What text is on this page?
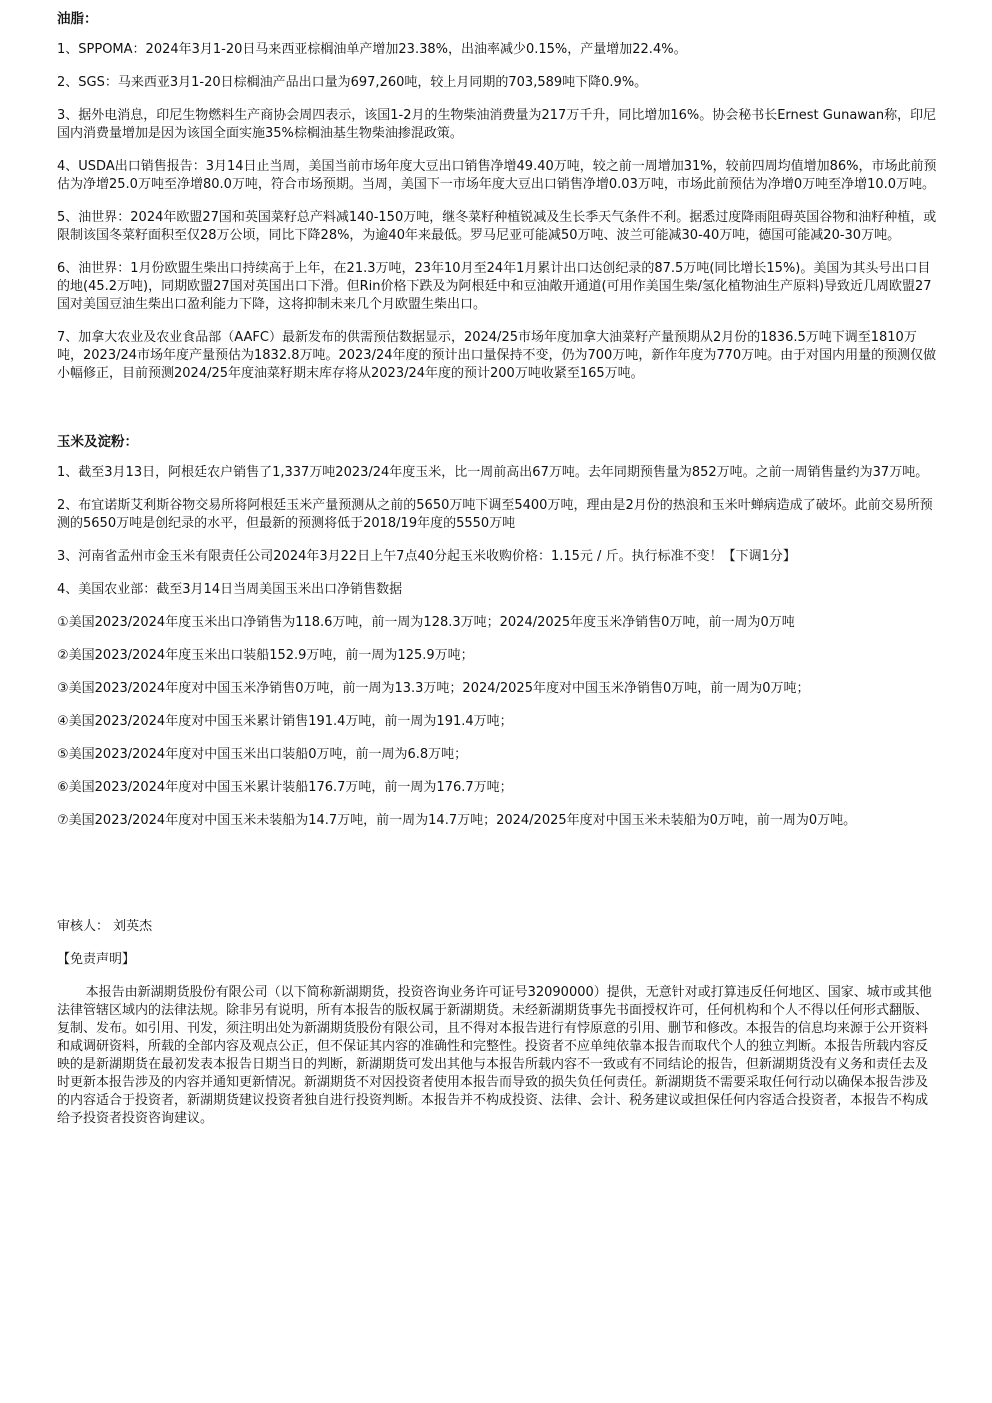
油脂：

1、SPPOMA：2024年3月1-20日马来西亚棕榈油单产增加23.38%，出油率减少0.15%，产量增加22.4%。

2、SGS：马来西亚3月1-20日棕榈油产品出口量为697,260吨，较上月同期的703,589吨下降0.9%。

3、据外电消息，印尼生物燃料生产商协会周四表示，该国1-2月的生物柴油消费量为217万千升，同比增加16%。协会秘书长Ernest Gunawan称，印尼国内消费量增加是因为该国全面实施35%棕榈油基生物柴油掺混政策。

4、USDA出口销售报告：3月14日止当周，美国当前市场年度大豆出口销售净增49.40万吨，较之前一周增加31%，较前四周均值增加86%，市场此前预估为净增25.0万吨至净增80.0万吨，符合市场预期。当周，美国下一市场年度大豆出口销售净增0.03万吨，市场此前预估为净增0万吨至净增10.0万吨。

5、油世界：2024年欧盟27国和英国菜籽总产料减140-150万吨，继冬菜籽种植锐减及生长季天气条件不利。据悉过度降雨阻碍英国谷物和油籽种植，或限制该国冬菜籽面积至仅28万公顷，同比下降28%，为逾40年来最低。罗马尼亚可能减50万吨、波兰可能减30-40万吨，德国可能减20-30万吨。

6、油世界：1月份欧盟生柴出口持续高于上年，在21.3万吨，23年10月至24年1月累计出口达创纪录的87.5万吨(同比增长15%)。美国为其头号出口目的地(45.2万吨)，同期欧盟27国对英国出口下滑。但Rin价格下跌及为阿根廷中和豆油敞开通道(可用作美国生柴/氢化植物油生产原料)导致近几周欧盟27国对美国豆油生柴出口盈利能力下降，这将抑制未来几个月欧盟生柴出口。

7、加拿大农业及农业食品部（AAFC）最新发布的供需预估数据显示，2024/25市场年度加拿大油菜籽产量预期从2月份的1836.5万吨下调至1810万吨，2023/24市场年度产量预估为1832.8万吨。2023/24年度的预计出口量保持不变，仍为700万吨，新作年度为770万吨。由于对国内用量的预测仅做小幅修正，目前预测2024/25年度油菜籽期末库存将从2023/24年度的预计200万吨收紧至165万吨。

玉米及淀粉：

1、截至3月13日，阿根廷农户销售了1,337万吨2023/24年度玉米，比一周前高出67万吨。去年同期预售量为852万吨。之前一周销售量约为37万吨。

2、布宜诺斯艾利斯谷物交易所将阿根廷玉米产量预测从之前的5650万吨下调至5400万吨，理由是2月份的热浪和玉米叶蝉病造成了破坏。此前交易所预测的5650万吨是创纪录的水平，但最新的预测将低于2018/19年度的5550万吨

3、河南省孟州市金玉米有限责任公司2024年3月22日上午7点40分起玉米收购价格：1.15元 / 斤。执行标准不变！【下调1分】

4、美国农业部：截至3月14日当周美国玉米出口净销售数据

①美国2023/2024年度玉米出口净销售为118.6万吨，前一周为128.3万吨；2024/2025年度玉米净销售0万吨，前一周为0万吨

②美国2023/2024年度玉米出口装船152.9万吨，前一周为125.9万吨；

③美国2023/2024年度对中国玉米净销售0万吨，前一周为13.3万吨；2024/2025年度对中国玉米净销售0万吨，前一周为0万吨；

④美国2023/2024年度对中国玉米累计销售191.4万吨，前一周为191.4万吨；

⑤美国2023/2024年度对中国玉米出口装船0万吨，前一周为6.8万吨；

⑥美国2023/2024年度对中国玉米累计装船176.7万吨，前一周为176.7万吨；

⑦美国2023/2024年度对中国玉米未装船为14.7万吨，前一周为14.7万吨；2024/2025年度对中国玉米未装船为0万吨，前一周为0万吨。

审核人： 刘英杰

【免责声明】

本报告由新湖期货股份有限公司（以下简称新湖期货，投资咨询业务许可证号32090000）提供，无意针对或打算违反任何地区、国家、城市或其他法律管辖区域内的法律法规。除非另有说明，所有本报告的版权属于新湖期货。未经新湖期货事先书面授权许可，任何机构和个人不得以任何形式翻版、复制、发布。如引用、刊发，须注明出处为新湖期货股份有限公司，且不得对本报告进行有悖原意的引用、删节和修改。本报告的信息均来源于公开资料和咸调研资料，所载的全部内容及观点公正，但不保证其内容的准确性和完整性。投资者不应单纯依靠本报告而取代个人的独立判断。本报告所载内容反映的是新湖期货在最初发表本报告日期当日的判断，新湖期货可发出其他与本报告所载内容不一致或有不同结论的报告，但新湖期货没有义务和责任去及时更新本报告涉及的内容并通知更新情况。新湖期货不对因投资者使用本报告而导致的损失负任何责任。新湖期货不需要采取任何行动以确保本报告涉及的内容适合于投资者，新湖期货建议投资者独自进行投资判断。本报告并不构成投资、法律、会计、税务建议或担保任何内容适合投资者，本报告不构成给予投资者投资咨询建议。
